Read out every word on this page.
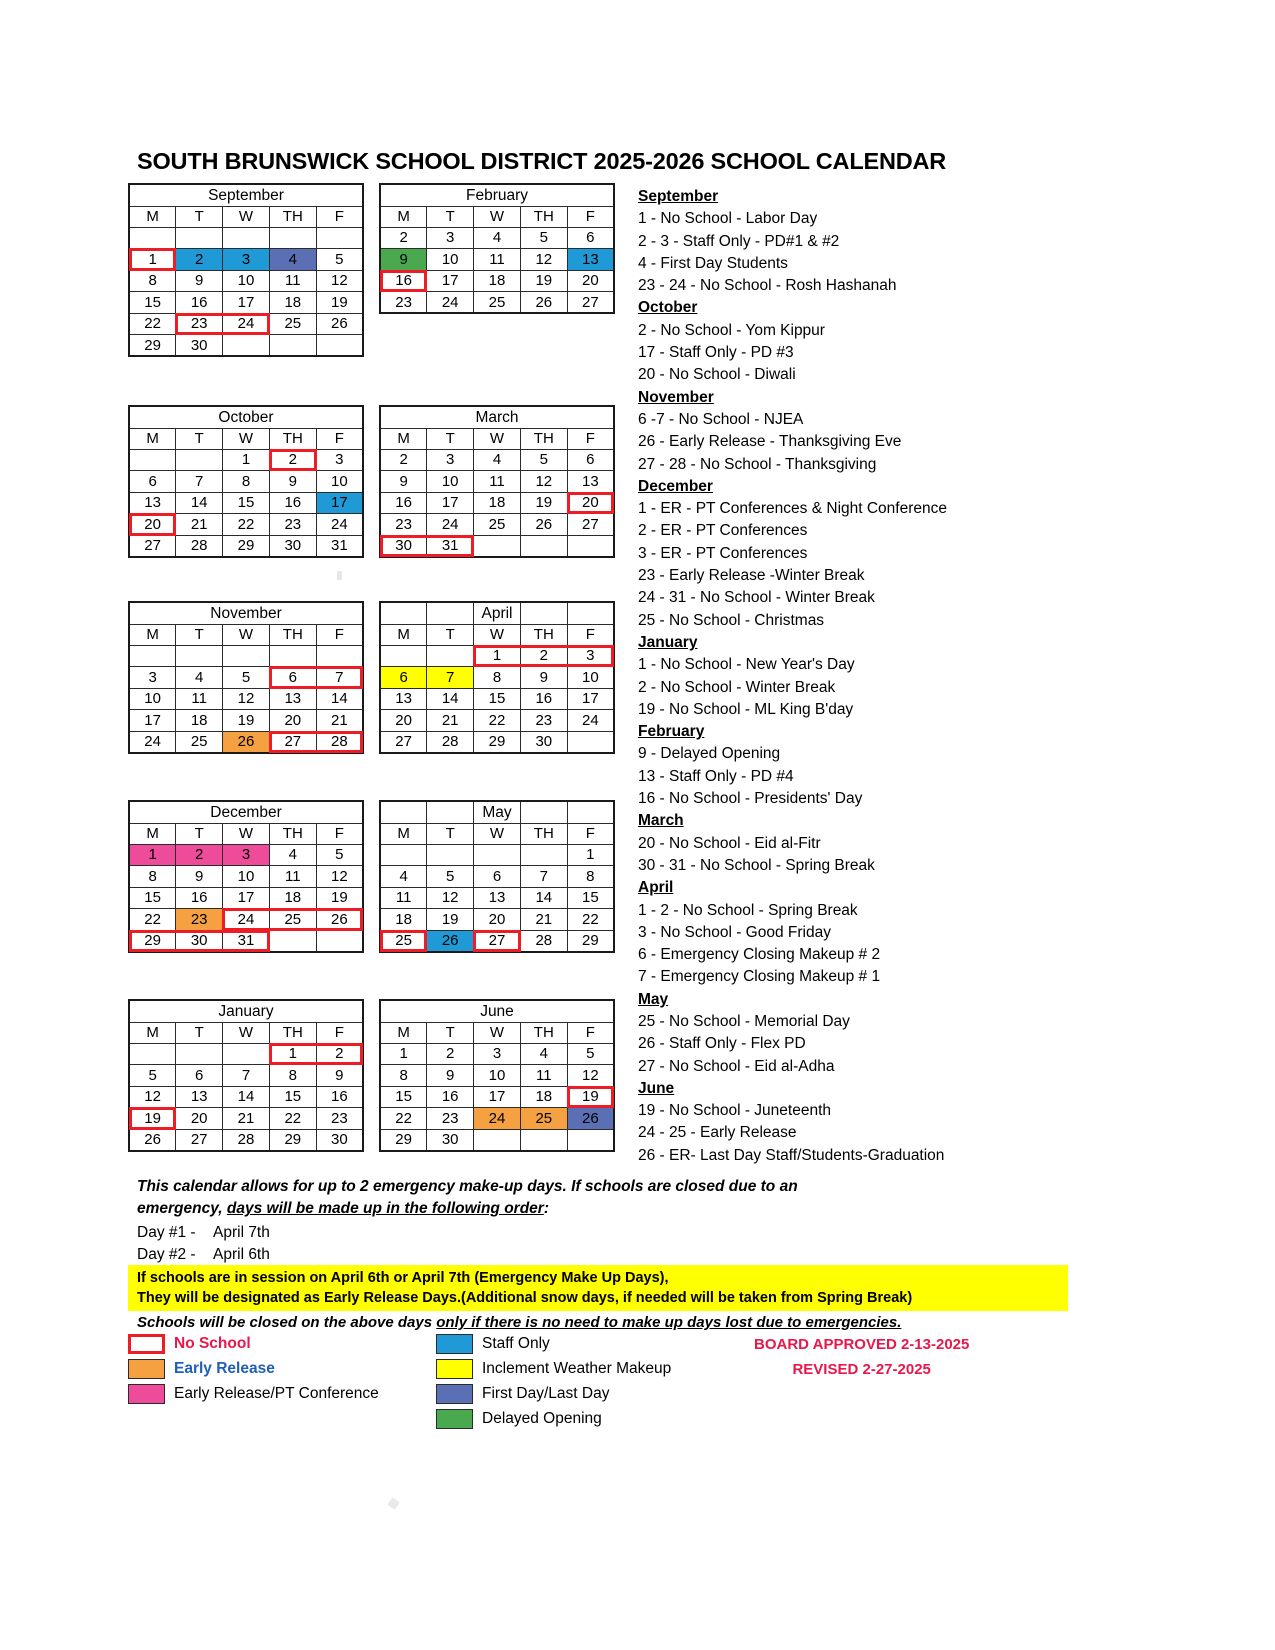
SOUTH BRUNSWICK SCHOOL DISTRICT 2025-2026 SCHOOL CALENDAR
September				
M	T	W	TH	F

1	2	3	4	5
8	9	10	11	12
15	16	17	18	19
22	23	24	25	26
29	30			
October				
M	T	W	TH	F
		1	2	3
6	7	8	9	10
13	14	15	16	17
20	21	22	23	24
27	28	29	30	31
November				
M	T	W	TH	F

3	4	5	6	7

10	11	12	13	14
17	18	19	20	21
24	25	26	27	28
December				
M	T	W	TH	F
1	2	3	4	5
8	9	10	11	12
15	16	17	18	19
22	23	24	25	26

29	30	31

January				
M	T	W	TH	F
			1	2

5	6	7	8	9
12	13	14	15	16
19	20	21	22	23
26	27	28	29	30
February				
M	T	W	TH	F
2	3	4	5	6
9	10	11	12	13
16	17	18	19	20
23	24	25	26	27
March				
M	T	W	TH	F
2	3	4	5	6
9	10	11	12	13
16	17	18	19	20

23	24	25	26	27
30	31

		April		
M	T	W	TH	F
		1	2	3

6	7	8	9	10
13	14	15	16	17
20	21	22	23	24
27	28	29	30	
		May		
M	T	W	TH	F
				1
4	5	6	7	8
11	12	13	14	15
18	19	20	21	22
25	26	27	28	29
June				
M	T	W	TH	F
1	2	3	4	5
8	9	10	11	12
15	16	17	18	19

22	23	24	25	26
29	30			
September
1 - No School - Labor Day
2 - 3 - Staff Only - PD#1 & #2
4 - First Day Students
23 - 24 - No School - Rosh Hashanah
October
2 - No School - Yom Kippur
17 - Staff Only - PD #3
20 - No School - Diwali
November
6 -7 - No School - NJEA
26 - Early Release - Thanksgiving Eve
27 - 28 - No School - Thanksgiving
December
1 - ER - PT Conferences & Night Conference
2 - ER - PT Conferences
3 - ER - PT Conferences
23 - Early Release -Winter Break
24 - 31 - No School - Winter Break
25 - No School - Christmas
January
1 - No School - New Year's Day
2 - No School - Winter Break
19 - No School - ML King B'day
February
9 - Delayed Opening
13 - Staff Only - PD #4
16 - No School - Presidents' Day
March
20 - No School - Eid al-Fitr
30 - 31 - No School - Spring Break
April
1 - 2 - No School - Spring Break
3 - No School - Good Friday
6 - Emergency Closing Makeup # 2
7 - Emergency Closing Makeup # 1
May
25 - No School - Memorial Day
26 - Staff Only - Flex PD
27 - No School - Eid al-Adha
June
19 - No School - Juneteenth
24 - 25 - Early Release
26 - ER- Last Day Staff/Students-Graduation
This calendar allows for up to 2 emergency make-up days. If schools are closed due to an
emergency, days will be made up in the following order:
Day #1 - April 7th
Day #2 - April 6th
If schools are in session on April 6th or April 7th (Emergency Make Up Days),
They will be designated as Early Release Days.(Additional snow days, if needed will be taken from Spring Break)
Schools will be closed on the above days only if there is no need to make up days lost due to emergencies.
No School
Early Release
Early Release/PT Conference
Staff Only
Inclement Weather Makeup
First Day/Last Day
Delayed Opening
BOARD APPROVED 2-13-2025
REVISED 2-27-2025
